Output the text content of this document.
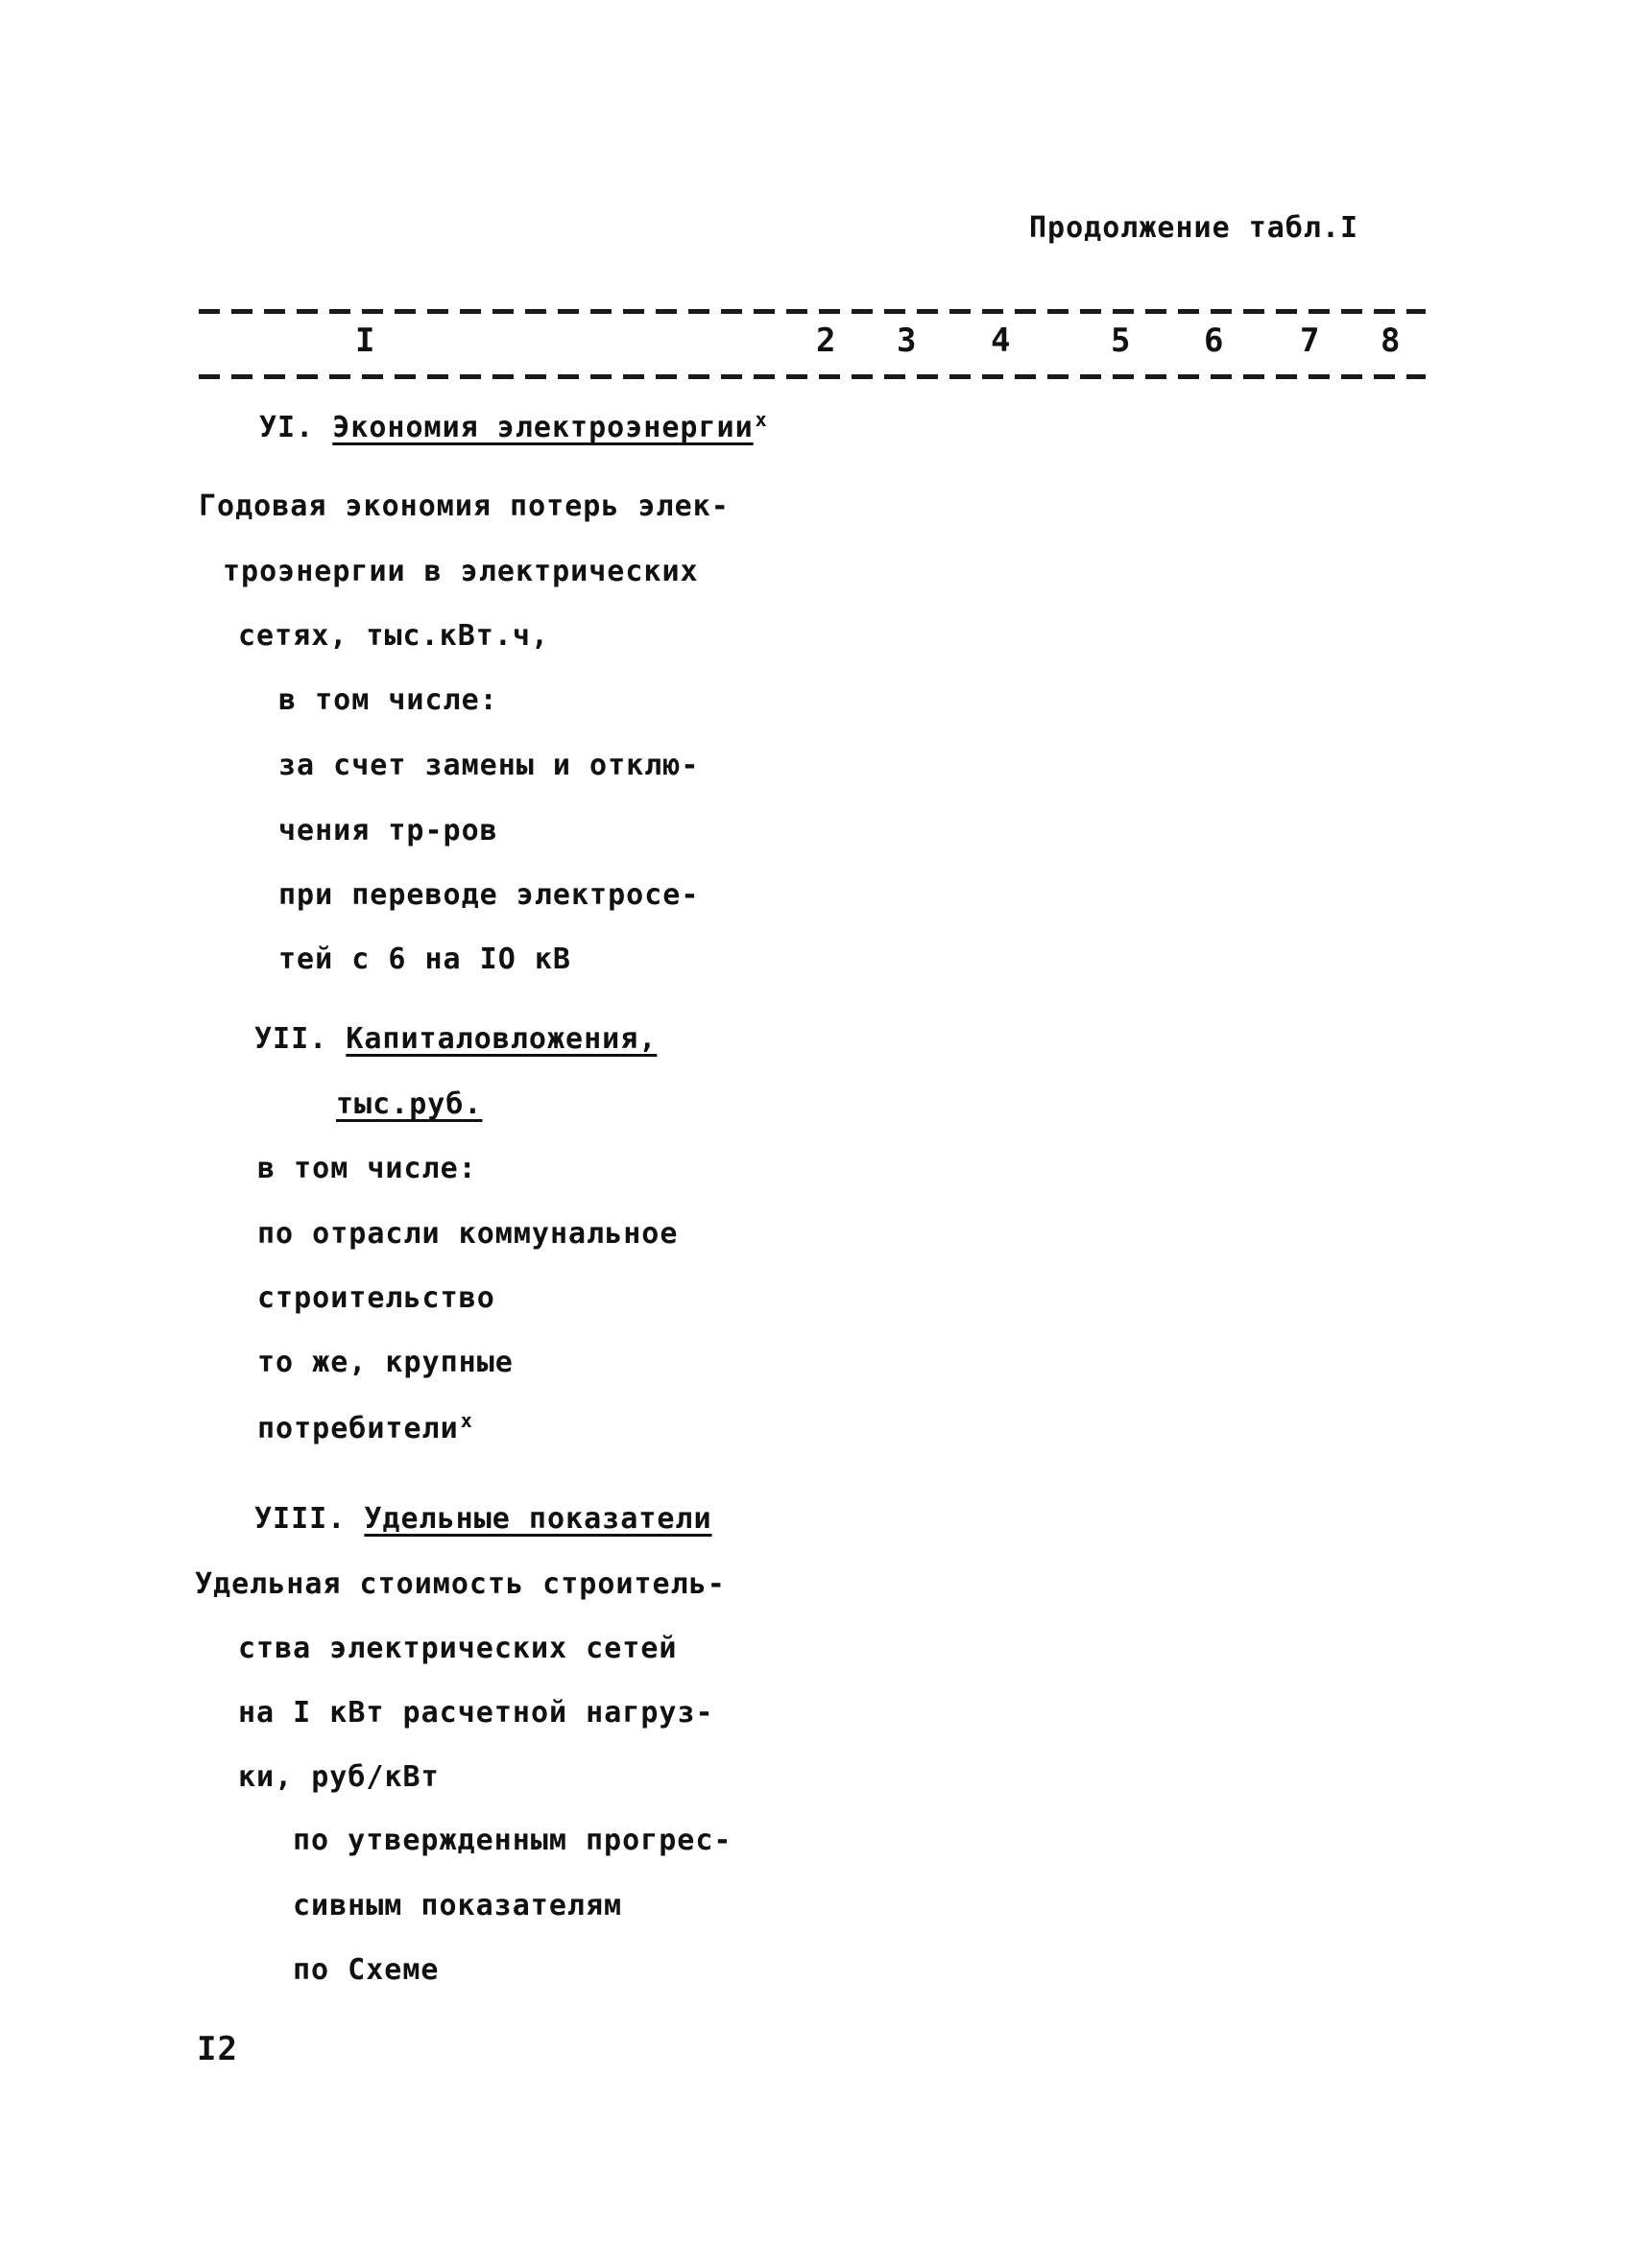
Продолжение табл.I
I	2 3 4	5 6 7 8
УI. Экономия электроэнергии $^x$
Годовая экономия потерь элек-
троэнергии в электрических
сетях, тыс.кВт.ч,
в том числе:
за счет замены и отклю-
чения тр-ров
при переводе электросе-
тей с 6 на IO кВ
УII. Капиталовложения,
тыс.руб.
в том числе:
по отрасли коммунальное
строительство
то же, крупные
потребители $^x$
УIII. Удельные показатели
Удельная стоимость строитель-
ства электрических сетей
на I кВт расчетной нагруз-
ки, руб/кВт
по утвержденным прогрес-
сивным показателям
по Схеме
I2
